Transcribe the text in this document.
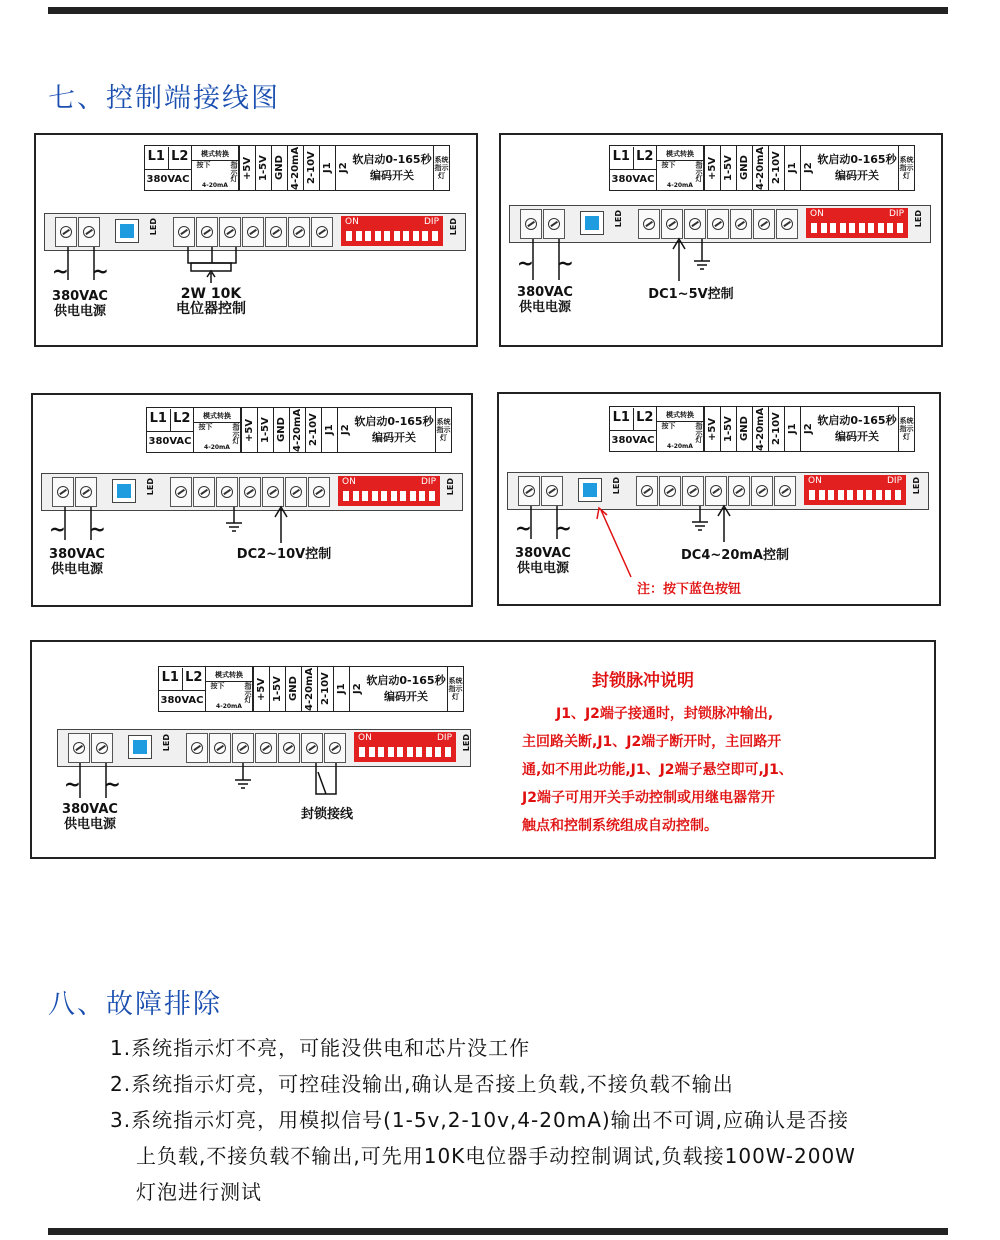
七、控制端接线图
L1 L2
380VAC
模式转换
按下	指示灯
4-20mA
+5V 1-5V GND 4-20mA 2-10V J1 J2
软启动0-165秒
编码开关
系统指示灯
LED	ON	DIP LED
~ ~
380VAC
供电电源
2W 10K
电位器控制
L1 L2
380VAC
模式转换
按下	指示灯
4-20mA
+5V 1-5V GND 4-20mA 2-10V J1 J2
软启动0-165秒
编码开关
系统指示灯
LED	ON	DIP LED
~ ~
380VAC
供电电源
DC1~5V控制
L1 L2
380VAC
模式转换
按下	指示灯
4-20mA
+5V 1-5V GND 4-20mA 2-10V J1 J2
软启动0-165秒
编码开关
系统指示灯
LED	ON	DIP LED
~ ~
380VAC
供电电源
DC2~10V控制
L1 L2
380VAC
模式转换
按下	指示灯
4-20mA
+5V 1-5V GND 4-20mA 2-10V J1 J2
软启动0-165秒
编码开关
系统指示灯
LED	ON	DIP LED
~ ~
380VAC
供电电源
DC4~20mA控制
注：按下蓝色按钮
L1 L2
380VAC
模式转换
按下	指示灯
4-20mA
+5V 1-5V GND 4-20mA 2-10V J1 J2
软启动0-165秒
编码开关
系统指示灯
LED	ON	DIP LED
~ ~
380VAC
供电电源
封锁接线
封锁脉冲说明
J1、J2端子接通时，封锁脉冲输出,
主回路关断,J1、J2端子断开时，主回路开
通,如不用此功能,J1、J2端子悬空即可,J1、
J2端子可用开关手动控制或用继电器常开
触点和控制系统组成自动控制。
八、故障排除
1.系统指示灯不亮，可能没供电和芯片没工作
2.系统指示灯亮，可控硅没输出,确认是否接上负载,不接负载不输出
3.系统指示灯亮，用模拟信号(1-5v,2-10v,4-20mA)输出不可调,应确认是否接
上负载,不接负载不输出,可先用10K电位器手动控制调试,负载接100W-200W
灯泡进行测试
